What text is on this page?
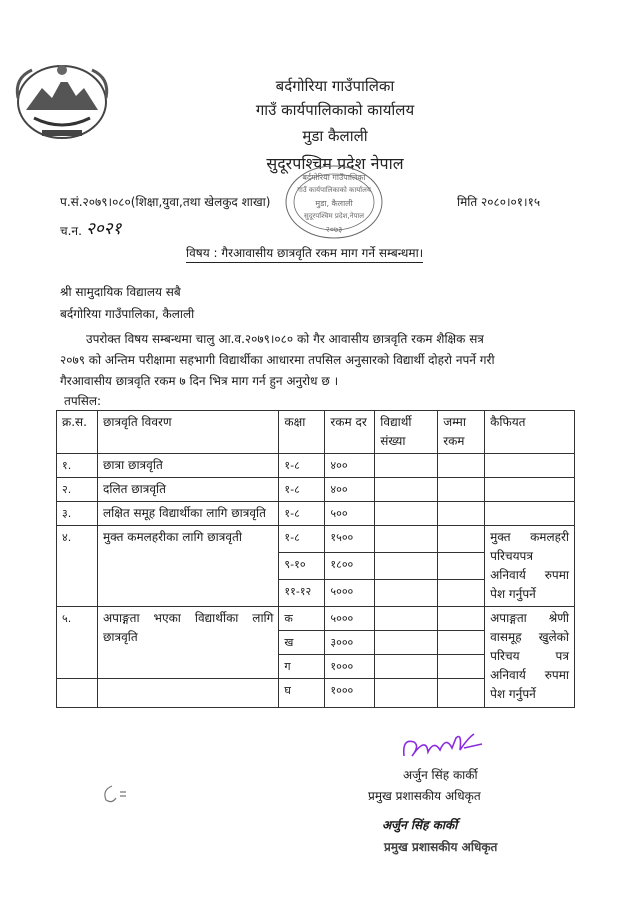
बर्दगोरिया गाउँपालिका
गाउँ कार्यपालिकाको कार्यालय
मुडा कैलाली
सुदूरपश्चिम प्रदेश नेपाल
बर्दगोरिया गाउँपालिका
गाउँ कार्यपालिकाको कार्यालय
मुडा, कैलाली
सुदूरपश्चिम प्रदेश,नेपाल
२०७३
प.सं.२०७९।०८०(शिक्षा,युवा,तथा खेलकुद शाखा)
च.न. २०२१
मिति २०८०।०१।१५
विषय : गैरआवासीय छात्रवृति रकम माग गर्ने सम्बन्धमा।
श्री सामुदायिक विद्यालय सबै
बर्दगोरिया गाउँपालिका, कैलाली
उपरोक्त विषय सम्बन्धमा चालु आ.व.२०७९।०८० को गैर आवासीय छात्रवृति रकम शैक्षिक सत्र
२०७९ को अन्तिम परीक्षामा सहभागी विद्यार्थीका आधारमा तपसिल अनुसारको विद्यार्थी दोहरो नपर्ने गरी
गैरआवासीय छात्रवृति रकम ७ दिन भित्र माग गर्न हुन अनुरोध छ ।
तपसिल:
क्र.स.	छात्रवृति विवरण	कक्षा	रकम दर	विद्यार्थी संख्या	जम्मा रकम	कैफियत
१.	छात्रा छात्रवृति	१-८	४००			
२.	दलित छात्रवृति	१-८	४००			
३.	लक्षित समूह विद्यार्थीका लागि छात्रवृति	१-८	५००			
४.	मुक्त कमलहरीका लागि छात्रवृती	१-८	१५००			मुक्त कमलहरी परिचयपत्र अनिवार्य रुपमा पेश गर्नुपर्ने
		९-१०	१८००			
		११-१२	५०००			
५.	अपाङ्गता भएका विद्यार्थीका लागि छात्रवृति	क	५०००			अपाङ्गता श्रेणी वासमूह खुलेको परिचय पत्र अनिवार्य रुपमा पेश गर्नुपर्ने
		ख	३०००			
		ग	१०००			
		घ	१०००			
अर्जुन सिंह कार्की
प्रमुख प्रशासकीय अधिकृत
अर्जुन सिंह कार्की
प्रमुख प्रशासकीय अधिकृत
